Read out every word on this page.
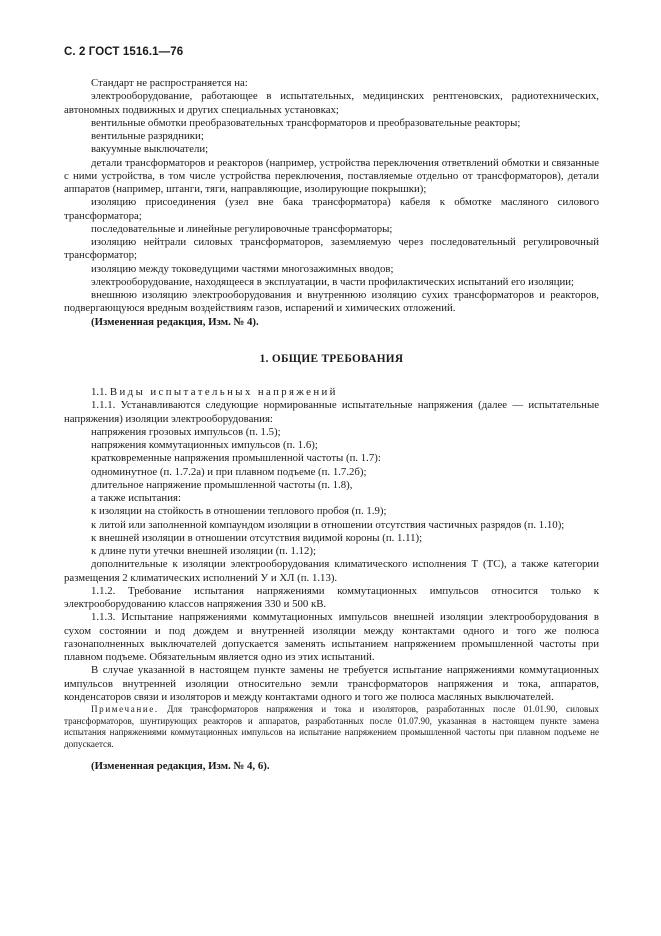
С. 2 ГОСТ 1516.1—76

Стандарт не распространяется на:

электрооборудование, работающее в испытательных, медицинских рентгеновских, радиотехнических, автономных подвижных и других специальных установках;

вентильные обмотки преобразовательных трансформаторов и преобразовательные реакторы;

вентильные разрядники;

вакуумные выключатели;

детали трансформаторов и реакторов (например, устройства переключения ответвлений обмотки и связанные с ними устройства, в том числе устройства переключения, поставляемые отдельно от трансформаторов), детали аппаратов (например, штанги, тяги, направляющие, изолирующие покрышки);

изоляцию присоединения (узел вне бака трансформатора) кабеля к обмотке масляного силового трансформатора;

последовательные и линейные регулировочные трансформаторы;

изоляцию нейтрали силовых трансформаторов, заземляемую через последовательный регулировочный трансформатор;

изоляцию между токоведущими частями многозажимных вводов;

электрооборудование, находящееся в эксплуатации, в части профилактических испытаний его изоляции;

внешнюю изоляцию электрооборудования и внутреннюю изоляцию сухих трансформаторов и реакторов, подвергающуюся вредным воздействиям газов, испарений и химических отложений.

(Измененная редакция, Изм. № 4).

1. ОБЩИЕ ТРЕБОВАНИЯ

1.1. Виды испытательных напряжений

1.1.1. Устанавливаются следующие нормированные испытательные напряжения (далее — испытательные напряжения) изоляции электрооборудования:

напряжения грозовых импульсов (п. 1.5);

напряжения коммутационных импульсов (п. 1.6);

кратковременные напряжения промышленной частоты (п. 1.7):

одноминутное (п. 1.7.2а) и при плавном подъеме (п. 1.7.2б);

длительное напряжение промышленной частоты (п. 1.8),

а также испытания:

к изоляции на стойкость в отношении теплового пробоя (п. 1.9);

к литой или заполненной компаундом изоляции в отношении отсутствия частичных разрядов (п. 1.10);

к внешней изоляции в отношении отсутствия видимой короны (п. 1.11);

к длине пути утечки внешней изоляции (п. 1.12);

дополнительные к изоляции электрооборудования климатического исполнения Т (ТС), а также категории размещения 2 климатических исполнений У и ХЛ (п. 1.13).

1.1.2. Требование испытания напряжениями коммутационных импульсов относится только к электрооборудованию классов напряжения 330 и 500 кВ.

1.1.3. Испытание напряжениями коммутационных импульсов внешней изоляции электрооборудования в сухом состоянии и под дождем и внутренней изоляции между контактами одного и того же полюса газонаполненных выключателей допускается заменять испытанием напряжением промышленной частоты при плавном подъеме. Обязательным является одно из этих испытаний.

В случае указанной в настоящем пункте замены не требуется испытание напряжениями коммутационных импульсов внутренней изоляции относительно земли трансформаторов напряжения и тока, аппаратов, конденсаторов связи и изоляторов и между контактами одного и того же полюса масляных выключателей.

Примечание. Для трансформаторов напряжения и тока и изоляторов, разработанных после 01.01.90, силовых трансформаторов, шунтирующих реакторов и аппаратов, разработанных после 01.07.90, указанная в настоящем пункте замена испытания напряжениями коммутационных импульсов на испытание напряжением промышленной частоты при плавном подъеме не допускается.

(Измененная редакция, Изм. № 4, 6).
